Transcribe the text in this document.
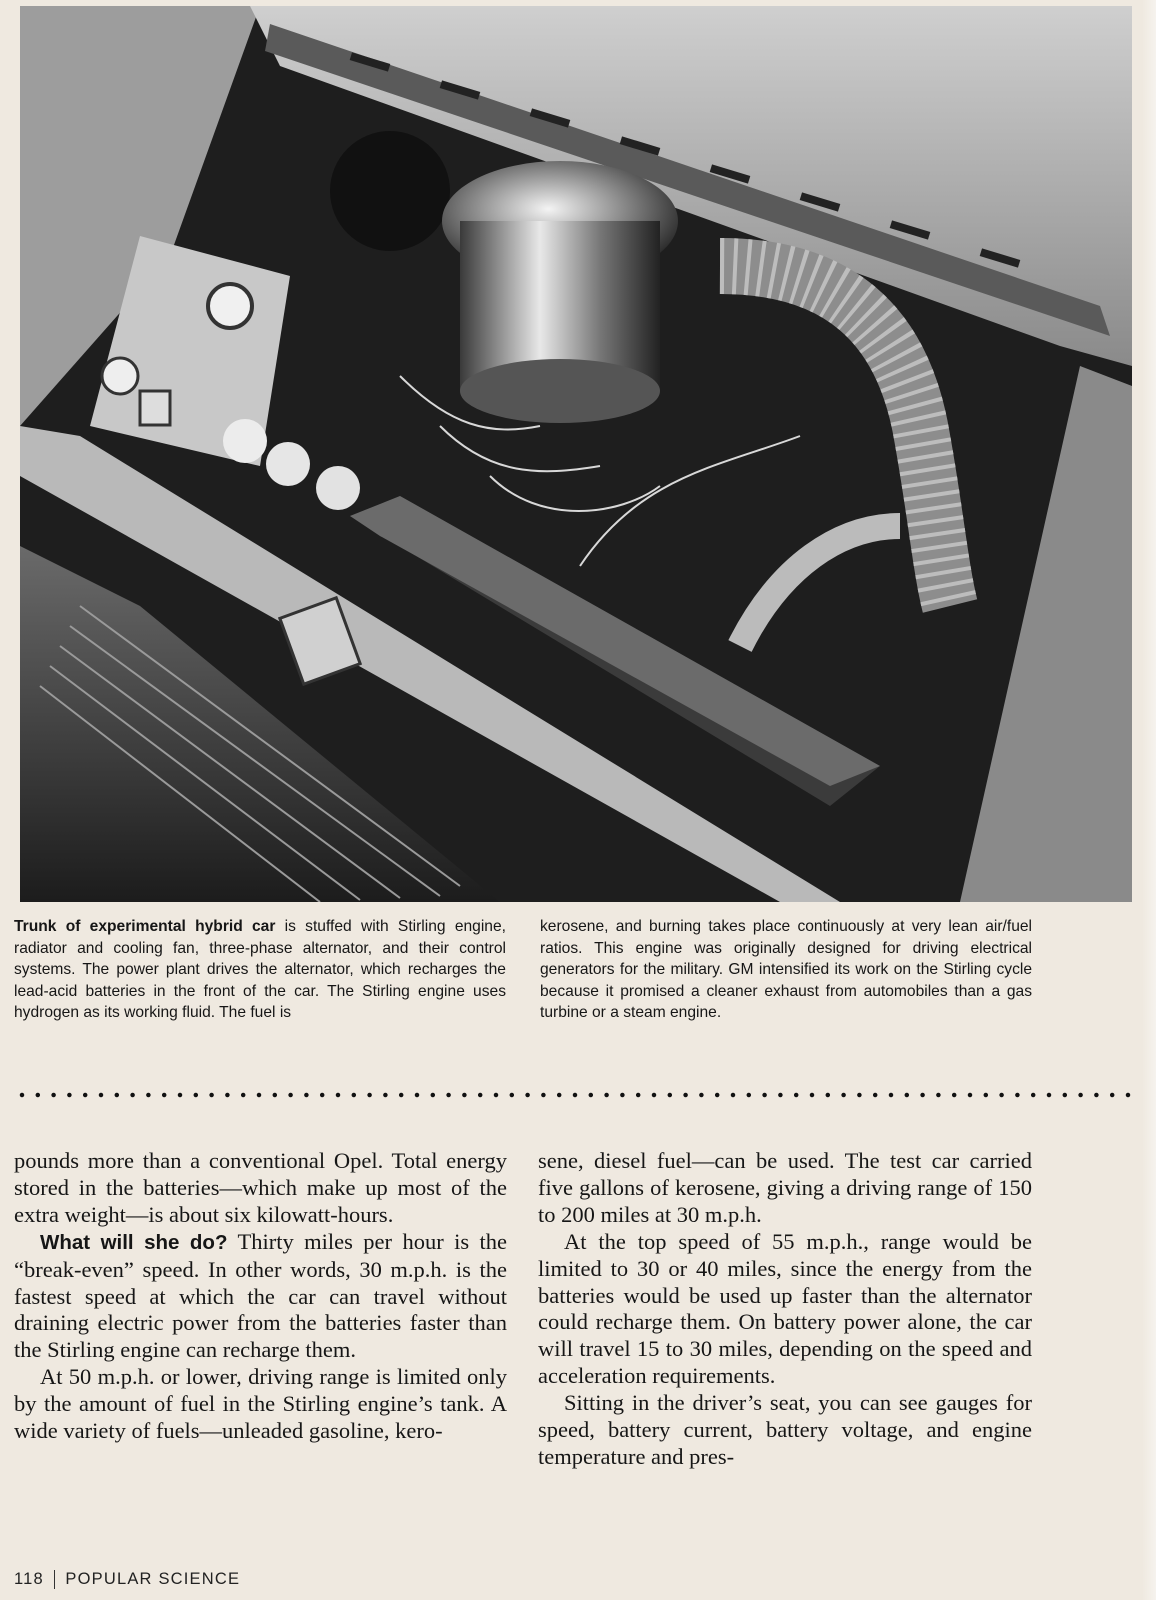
Trunk of experimental hybrid car is stuffed with Stirling engine, radiator and cooling fan, three-phase alternator, and their control systems. The power plant drives the alternator, which recharges the lead-acid batteries in the front of the car. The Stirling engine uses hydrogen as its working fluid. The fuel is
kerosene, and burning takes place continuously at very lean air/fuel ratios. This engine was originally designed for driving electrical generators for the military. GM intensified its work on the Stirling cycle because it promised a cleaner exhaust from automobiles than a gas turbine or a steam engine.

pounds more than a conventional Opel. Total energy stored in the batteries—which make up most of the extra weight—is about six kilowatt-hours.

What will she do? Thirty miles per hour is the “break-even” speed. In other words, 30 m.p.h. is the fastest speed at which the car can travel without draining electric power from the batteries faster than the Stirling engine can recharge them.

At 50 m.p.h. or lower, driving range is limited only by the amount of fuel in the Stirling engine’s tank. A wide variety of fuels—unleaded gasoline, kero-

sene, diesel fuel—can be used. The test car carried five gallons of kerosene, giving a driving range of 150 to 200 miles at 30 m.p.h.

At the top speed of 55 m.p.h., range would be limited to 30 or 40 miles, since the energy from the batteries would be used up faster than the alternator could recharge them. On battery power alone, the car will travel 15 to 30 miles, depending on the speed and acceleration requirements.

Sitting in the driver’s seat, you can see gauges for speed, battery current, battery voltage, and engine temperature and pres-

118 POPULAR SCIENCE
